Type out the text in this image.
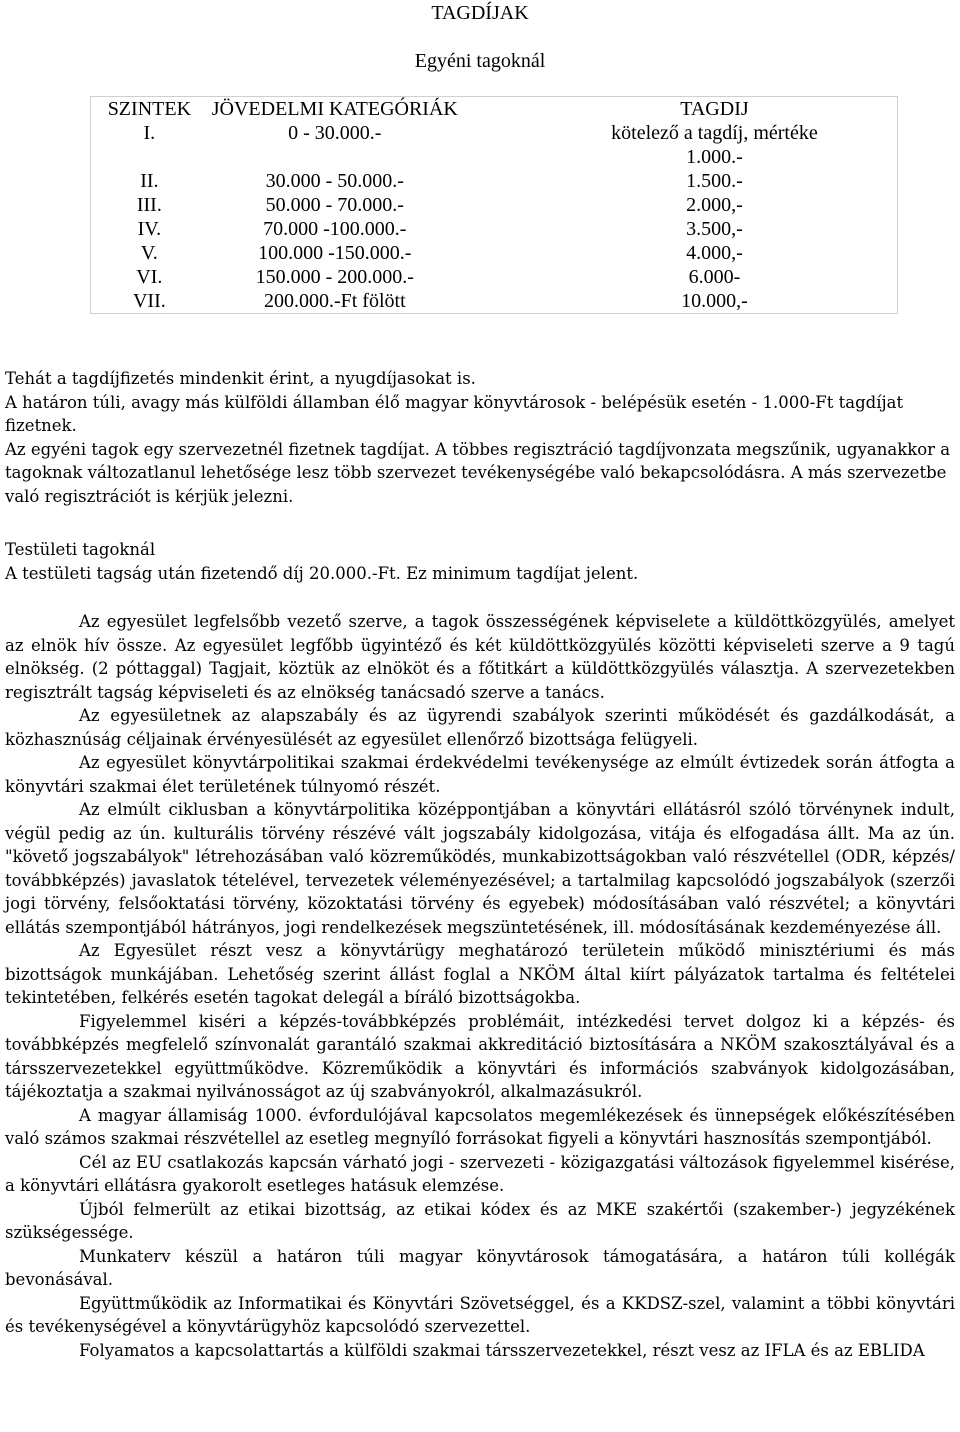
TAGDÍJAK
Egyéni tagoknál
SZINTEK	JÖVEDELMI KATEGÓRIÁK	TAGDIJ
I.	0 - 30.000.-	kötelező a tagdíj, mértéke
1.000.-

II.	30.000 - 50.000.-	1.500.-
III.	50.000 - 70.000.-	2.000,-
IV.	70.000 -100.000.-	3.500,-
V.	100.000 -150.000.-	4.000,-
VI.	150.000 - 200.000.-	6.000-
VII.	200.000.-Ft fölött	10.000,-

Tehát a tagdíjfizetés mindenkit érint, a nyugdíjasokat is.

A határon túli, avagy más külföldi államban élő magyar könyvtárosok - belépésük esetén - 1.000-Ft tagdíjat fizetnek.

Az egyéni tagok egy szervezetnél fizetnek tagdíjat. A többes regisztráció tagdíjvonzata megszűnik, ugyanakkor a tagoknak változatlanul lehetősége lesz több szervezet tevékenységébe való bekapcsolódásra. A más szervezetbe való regisztrációt is kérjük jelezni.

Testületi tagoknál

A testületi tagság után fizetendő díj 20.000.-Ft. Ez minimum tagdíjat jelent.

Az egyesület legfelsőbb vezető szerve, a tagok összességének képviselete a küldöttközgyülés, amelyet az elnök hív össze. Az egyesület legfőbb ügyintéző és két küldöttközgyülés közötti képviseleti szerve a 9 tagú elnökség. (2 póttaggal) Tagjait, köztük az elnököt és a főtitkárt a küldöttközgyülés választja. A szervezetekben regisztrált tagság képviseleti és az elnökség tanácsadó szerve a tanács.

Az egyesületnek az alapszabály és az ügyrendi szabályok szerinti működését és gazdálkodását, a közhasznúság céljainak érvényesülését az egyesület ellenőrző bizottsága felügyeli.

Az egyesület könyvtárpolitikai szakmai érdekvédelmi tevékenysége az elmúlt évtizedek során átfogta a könyvtári szakmai élet területének túlnyomó részét.

Az elmúlt ciklusban a könyvtárpolitika középpontjában a könyvtári ellátásról szóló törvénynek indult, végül pedig az ún. kulturális törvény részévé vált jogszabály kidolgozása, vitája és elfogadása állt. Ma az ún. "követő jogszabályok" létrehozásában való közreműködés, munkabizottságokban való részvétellel (ODR, képzés/ továbbképzés) javaslatok tételével, tervezetek véleményezésével; a tartalmilag kapcsolódó jogszabályok (szerzői jogi törvény, felsőoktatási törvény, közoktatási törvény és egyebek) módosításában való részvétel; a könyvtári ellátás szempontjából hátrányos, jogi rendelkezések megszüntetésének, ill. módosításának kezdeményezése áll.

Az Egyesület részt vesz a könyvtárügy meghatározó területein működő minisztériumi és más bizottságok munkájában. Lehetőség szerint állást foglal a NKÖM által kiírt pályázatok tartalma és feltételei tekintetében, felkérés esetén tagokat delegál a bíráló bizottságokba.

Figyelemmel kiséri a képzés-továbbképzés problémáit, intézkedési tervet dolgoz ki a képzés- és továbbképzés megfelelő színvonalát garantáló szakmai akkreditáció biztosítására a NKÖM szakosztályával és a társszervezetekkel együttműködve. Közreműködik a könyvtári és információs szabványok kidolgozásában, tájékoztatja a szakmai nyilvánosságot az új szabványokról, alkalmazásukról.

A magyar államiság 1000. évfordulójával kapcsolatos megemlékezések és ünnepségek előkészítésében való számos szakmai részvétellel az esetleg megnyíló forrásokat figyeli a könyvtári hasznosítás szempontjából.

Cél az EU csatlakozás kapcsán várható jogi - szervezeti - közigazgatási változások figyelemmel kisérése, a könyvtári ellátásra gyakorolt esetleges hatásuk elemzése.

Újból felmerült az etikai bizottság, az etikai kódex és az MKE szakértői (szakember-) jegyzékének szükségessége.

Munkaterv készül a határon túli magyar könyvtárosok támogatására, a határon túli kollégák bevonásával.

Együttműködik az Informatikai és Könyvtári Szövetséggel, és a KKDSZ-szel, valamint a többi könyvtári és tevékenységével a könyvtárügyhöz kapcsolódó szervezettel.

Folyamatos a kapcsolattartás a külföldi szakmai társszervezetekkel, részt vesz az IFLA és az EBLIDA
